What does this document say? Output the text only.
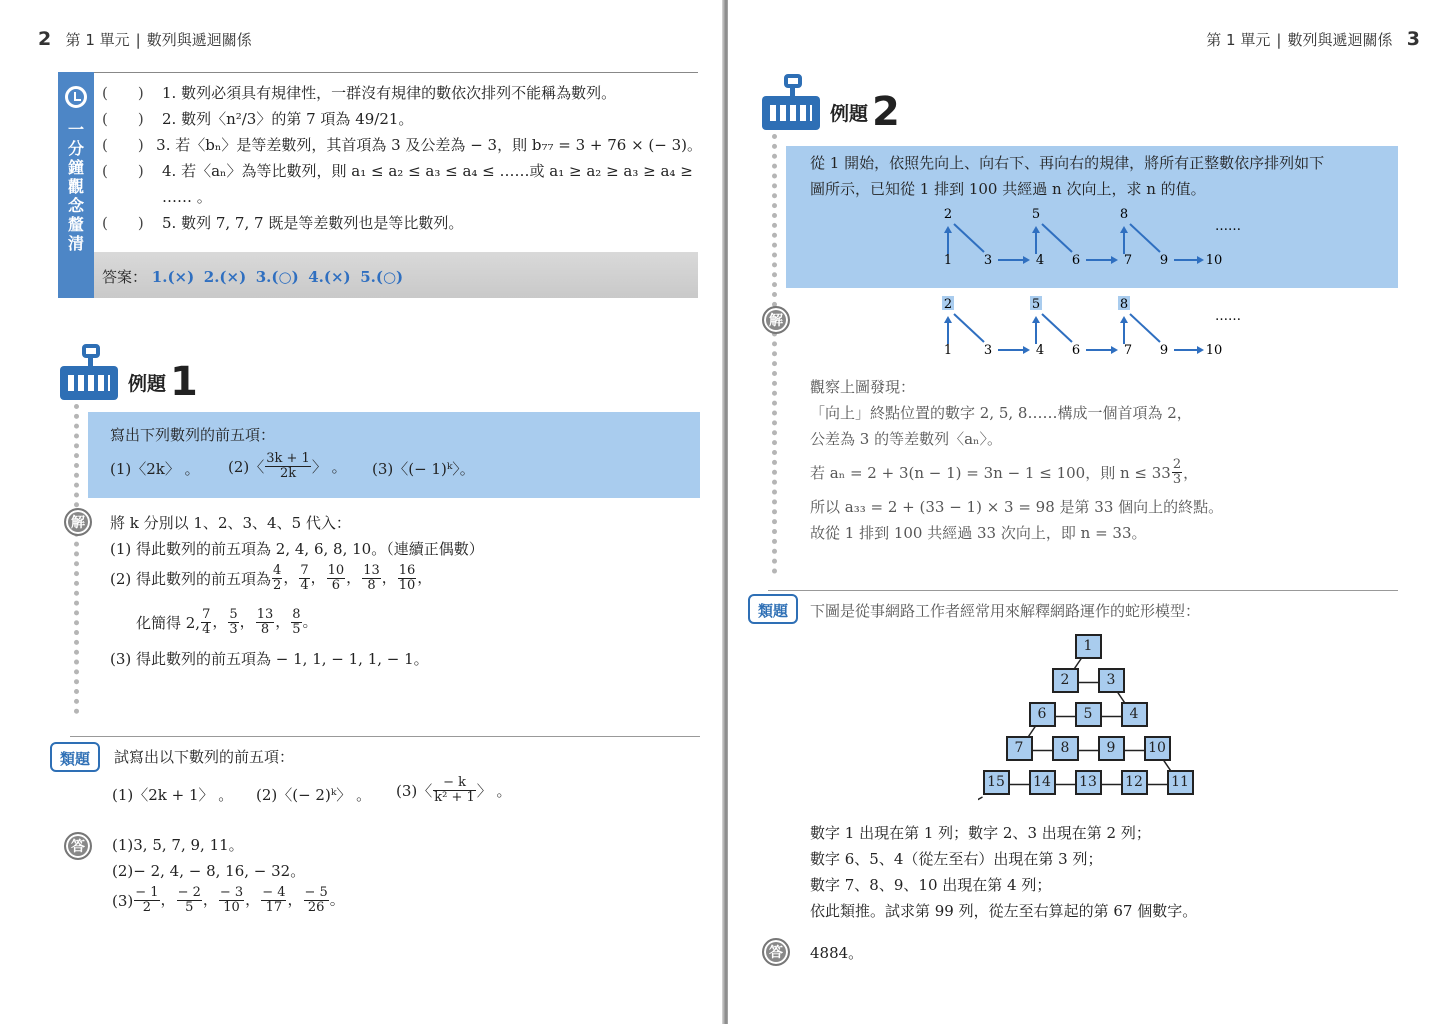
2 第 1 單元 | 數列與遞迴關係
一分鐘觀念釐清
(　　)	1. 數列必須具有規律性，一群沒有規律的數依次排列不能稱為數列。
(　　)	2. 數列〈n²/3〉的第 7 項為 49/21。
(　　) 3. 若〈bₙ〉是等差數列，其首項為 3 及公差為 − 3，則 b₇₇ = 3 + 76 × (− 3)。
(　　)	4. 若〈aₙ〉為等比數列，則 a₁ ≤ a₂ ≤ a₃ ≤ a₄ ≤ ……或 a₁ ≥ a₂ ≥ a₃ ≥ a₄ ≥
…… 。
(　　)	5. 數列 7, 7, 7 既是等差數列也是等比數列。
答案： 1.(×) 2.(×) 3.(○) 4.(×) 5.(○)
例題 1
寫出下列數列的前五項：
(1)〈2k〉 。 (2)〈 $\frac{3k + 1}{2k}$ 〉 。 (3)〈(− 1)ᵏ〉。
解	將 k 分別以 1、2、3、4、5 代入：
(1) 得此數列的前五項為 2, 4, 6, 8, 10。（連續正偶數）
(2) 得此數列的前五項為 $\frac{4}{2}$ ， $\frac{7}{4}$ ， $\frac{10}{6}$ ， $\frac{13}{8}$ ， $\frac{16}{10}$ ，
化簡得 2, $\frac{7}{4}$ ， $\frac{5}{3}$ ， $\frac{13}{8}$ ， $\frac{8}{5}$ 。
(3) 得此數列的前五項為 − 1, 1, − 1, 1, − 1。
類題	試寫出以下數列的前五項：
(1)〈2k + 1〉 。 (2)〈(− 2)ᵏ〉 。 (3)〈 $\frac{- k}{\text{k² + 1}}$ 〉 。
答	(1)3, 5, 7, 9, 11。
(2)− 2, 4, − 8, 16, − 32。
$(3) \frac{- 1}{2}$ ， $\frac{- 2}{5}$ ， $\frac{- 3}{10}$ ， $\frac{- 4}{17}$ ， $\frac{- 5}{26}$ 。
第 1 單元 | 數列與遞迴關係 3
例題 2
從 1 開始，依照先向上、向右下、再向右的規律，將所有正整數依序排列如下
圖所示，已知從 1 排到 100 共經過 n 次向上，求 n 的值。
2	5	8
1 3	4 6	7 9	10
……
解
2	5	8
1 3	4 6	7 9	10
……
觀察上圖發現：
「向上」終點位置的數字 2, 5, 8……構成一個首項為 2，
公差為 3 的等差數列〈aₙ〉。
若 aₙ = 2 + 3(n − 1) = 3n − 1 ≤ 100，則 $n \le 33 \frac{2}{3}$ ，
所以 a₃₃ = 2 + (33 − 1) × 3 = 98 是第 33 個向上的終點。
故從 1 排到 100 共經過 33 次向上，即 n = 33。
類題	下圖是從事網路工作者經常用來解釋網路運作的蛇形模型：
1
2	3
6	5	4
7	8	9	10
15	14	13	12	11
數字 1 出現在第 1 列；數字 2、3 出現在第 2 列；
數字 6、5、4（從左至右）出現在第 3 列；
數字 7、8、9、10 出現在第 4 列；
依此類推。試求第 99 列，從左至右算起的第 67 個數字。
答	4884。
